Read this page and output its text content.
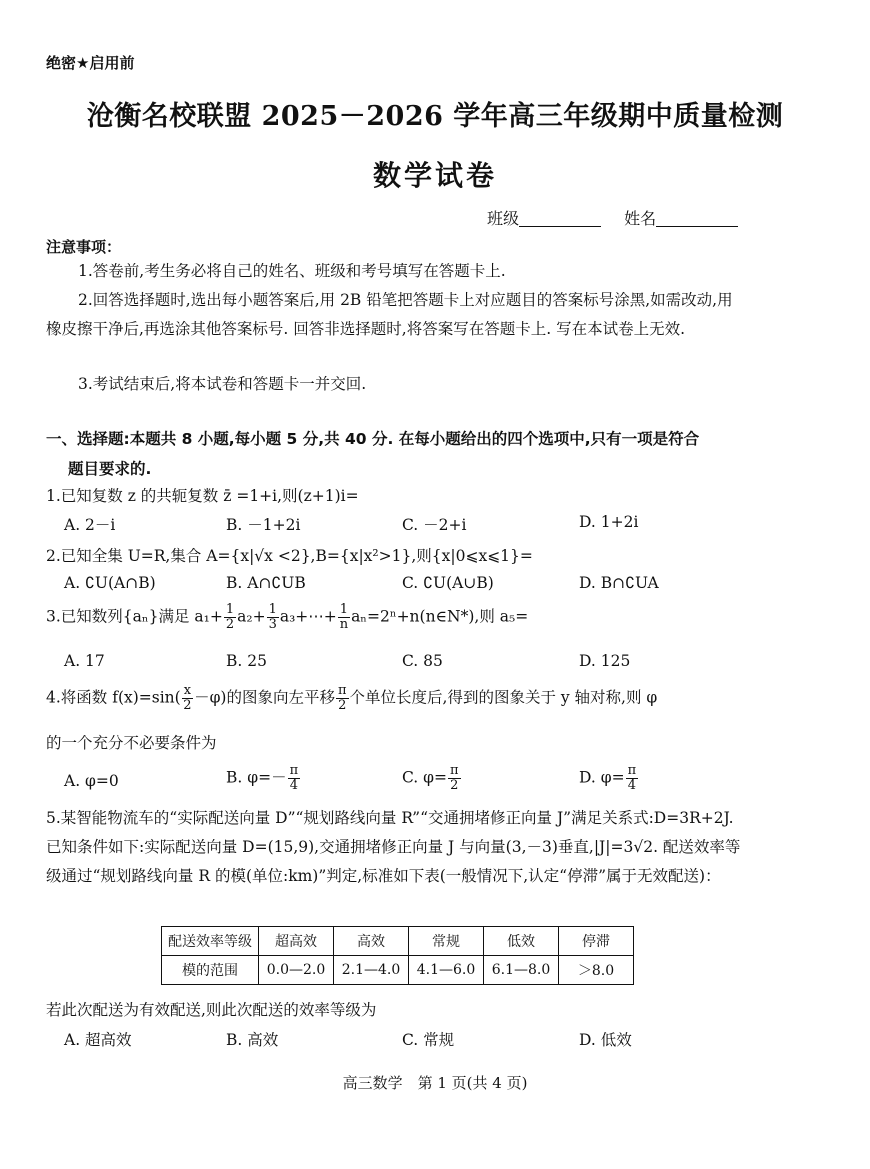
绝密★启用前
沧衡名校联盟 2025－2026 学年高三年级期中质量检测
数学试卷
班级	姓名
注意事项：
1.答卷前,考生务必将自己的姓名、班级和考号填写在答题卡上.
2.回答选择题时,选出每小题答案后,用 2B 铅笔把答题卡上对应题目的答案标号涂黑,如需改动,用橡皮擦干净后,再选涂其他答案标号. 回答非选择题时,将答案写在答题卡上. 写在本试卷上无效.
3.考试结束后,将本试卷和答题卡一并交回.
一、选择题:本题共 8 小题,每小题 5 分,共 40 分. 在每小题给出的四个选项中,只有一项是符合
题目要求的.
1.已知复数 z 的共轭复数 z̄ =1+i,则(z+1)i=
A. 2－i	B. －1+2i	C. －2+i	D. 1+2i
2.已知全集 U=R,集合 A={x|√x <2},B={x|x²>1},则{x|0⩽x⩽1}=
A. ∁U(A∩B)	B. A∩∁UB	C. ∁U(A∪B)	D. B∩∁UA
3.已知数列{aₙ}满足 $a_1+ \frac{1}{2} a_2+ \frac{1}{3}$ a₃+⋯+ $\frac{1}{n}$ aₙ=2ⁿ+n(n∈N*),则 a₅=
A. 17	B. 25	C. 85	D. 125
4.将函数 $f(x)=\sin( \frac{x}{2} -\varphi)$的图象向左平移 $\frac{\pi}{2}$ 个单位长度后,得到的图象关于 y 轴对称,则 φ
的一个充分不必要条件为
A. φ=0	B. $\varphi=- \frac{\pi}{4}$	C. $\varphi= \frac{\pi}{2}$	D. $\varphi= \frac{\pi}{4}$
5.某智能物流车的“实际配送向量 D”“规划路线向量 R”“交通拥堵修正向量 J”满足关系式:D=3R+2J. 已知条件如下:实际配送向量 D=(15,9),交通拥堵修正向量 J 与向量(3,－3)垂直,|J|=3√2. 配送效率等级通过“规划路线向量 R 的模(单位:km)”判定,标准如下表(一般情况下,认定“停滞”属于无效配送)：
配送效率等级	超高效	高效	常规	低效	停滞
模的范围	0.0—2.0	2.1—4.0	4.1—6.0	6.1—8.0	＞8.0
若此次配送为有效配送,则此次配送的效率等级为
A. 超高效	B. 高效	C. 常规	D. 低效
高三数学　第 1 页(共 4 页)
